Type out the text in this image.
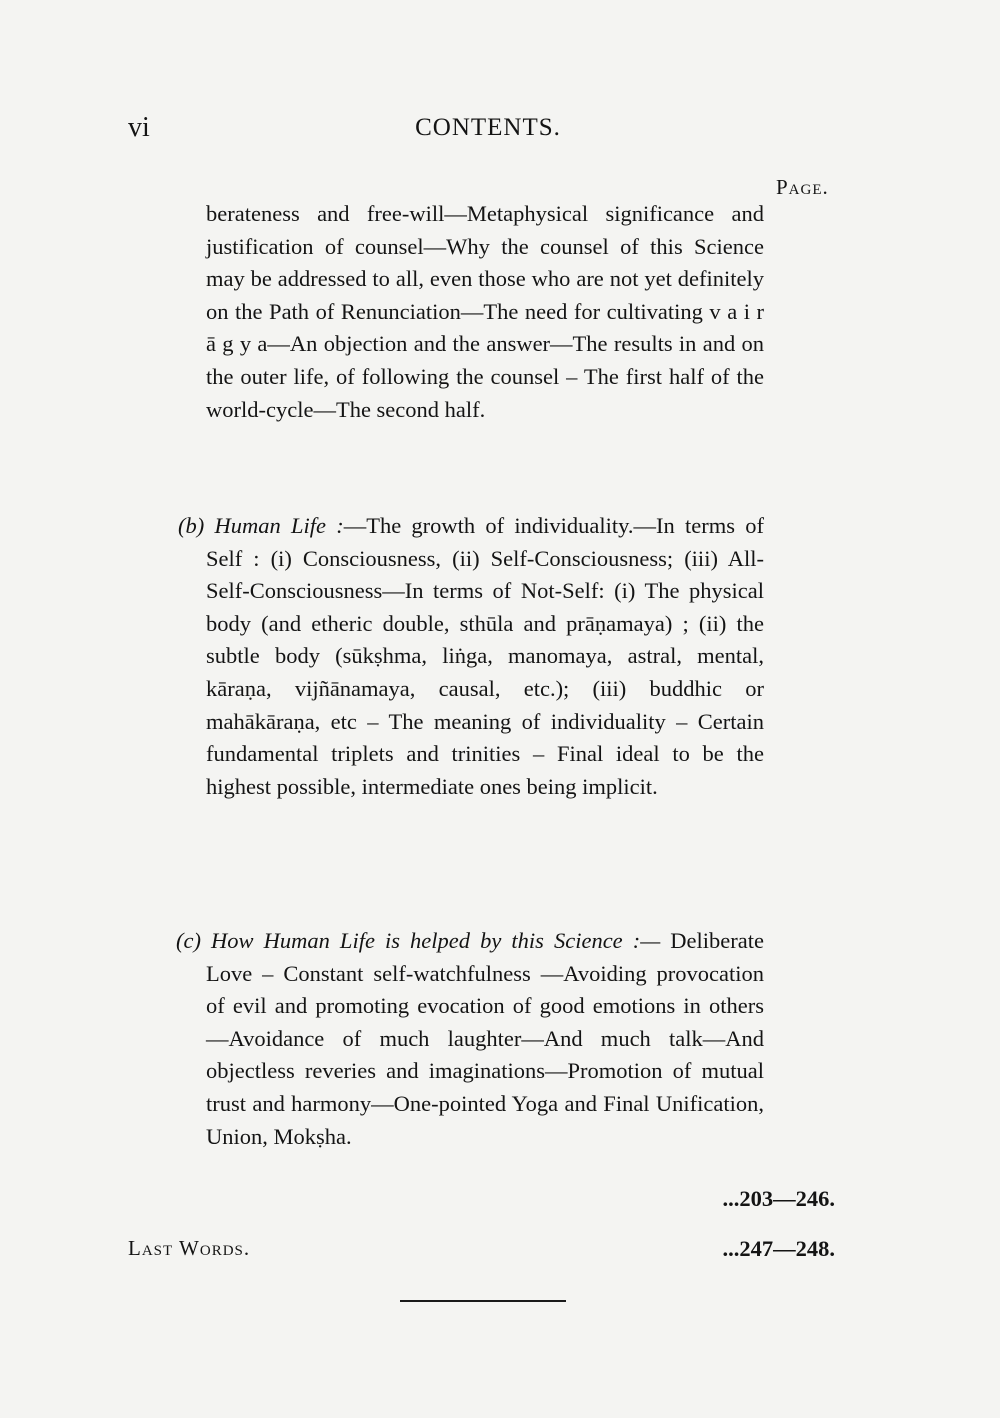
vi	CONTENTS.
Page.

berateness and free-will—Metaphysical significance and justification of counsel—Why the counsel of this Science may be addressed to all, even those who are not yet definitely on the Path of Renunciation—The need for cultivating v a i r ā g y a—An objection and the answer—The results in and on the outer life, of following the counsel – The first half of the world-cycle—The second half.

(b) Human Life :—The growth of individuality.—In terms of Self : (i) Consciousness, (ii) Self-Consciousness; (iii) All-Self-Consciousness—In terms of Not-Self: (i) The physical body (and etheric double, sthūla and prāṇamaya) ; (ii) the subtle body (sūkṣhma, liṅga, manomaya, astral, mental, kāraṇa, vijñānamaya, causal, etc.); (iii) buddhic or mahākāraṇa, etc – The meaning of individuality – Certain fundamental triplets and trinities – Final ideal to be the highest possible, intermediate ones being implicit.

(c) How Human Life is helped by this Science :— Deliberate Love – Constant self-watchfulness —Avoiding provocation of evil and promoting evocation of good emotions in others—Avoidance of much laughter—And much talk—And objectless reveries and imaginations—Promotion of mutual trust and harmony—One-pointed Yoga and Final Unification, Union, Mokṣha.

...203—246.
Last Words.	...247—248.
